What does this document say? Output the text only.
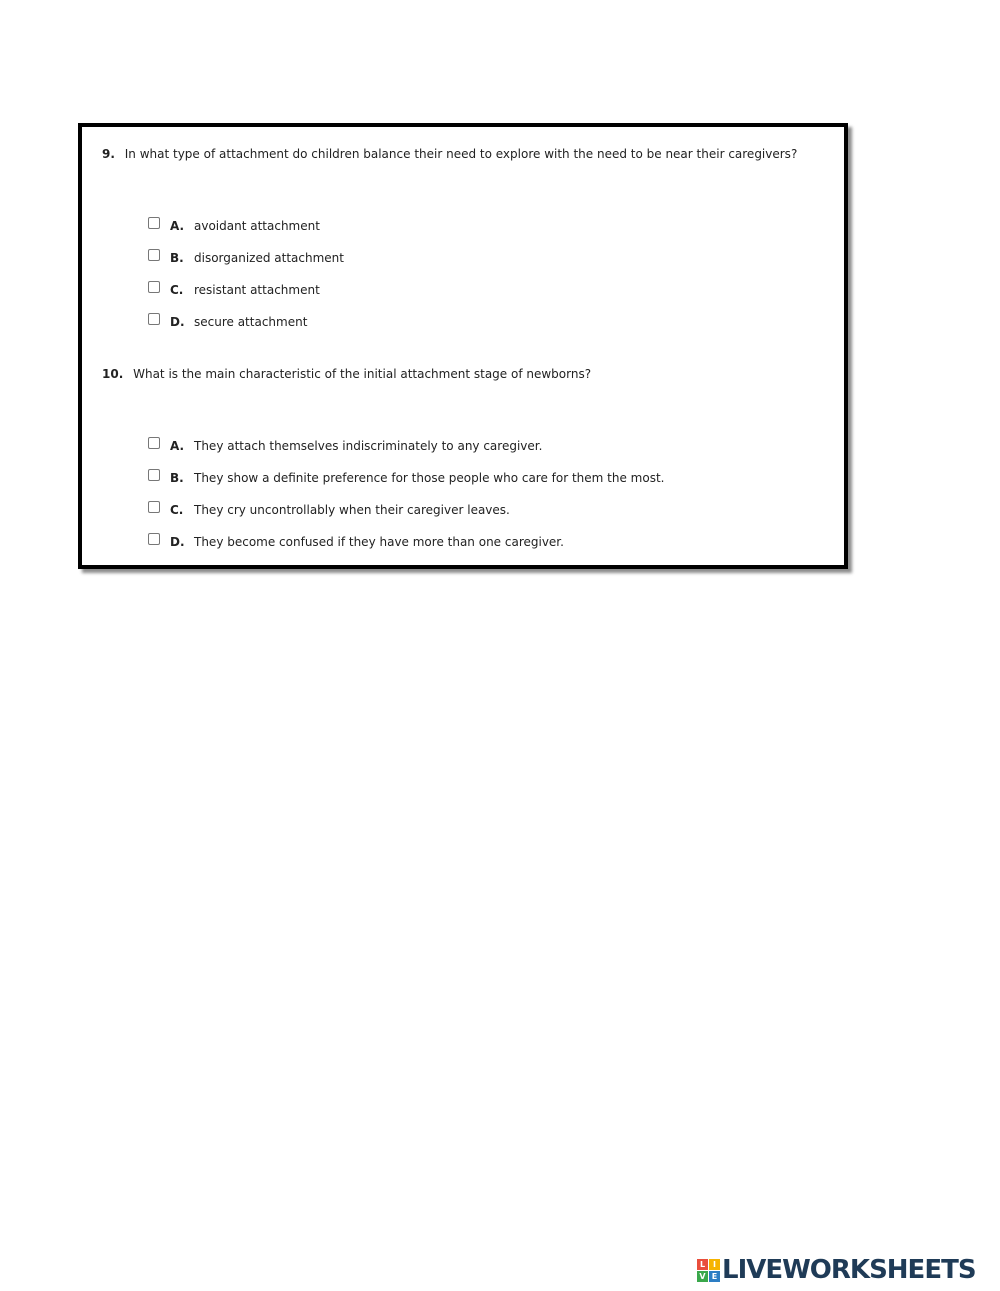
9. In what type of attachment do children balance their need to explore with the need to be near their caregivers?
A. avoidant attachment
B. disorganized attachment
C. resistant attachment
D. secure attachment
10. What is the main characteristic of the initial attachment stage of newborns?
A. They attach themselves indiscriminately to any caregiver.
B. They show a definite preference for those people who care for them the most.
C. They cry uncontrollably when their caregiver leaves.
D. They become confused if they have more than one caregiver.
L I
V E LIVEWORKSHEETS
